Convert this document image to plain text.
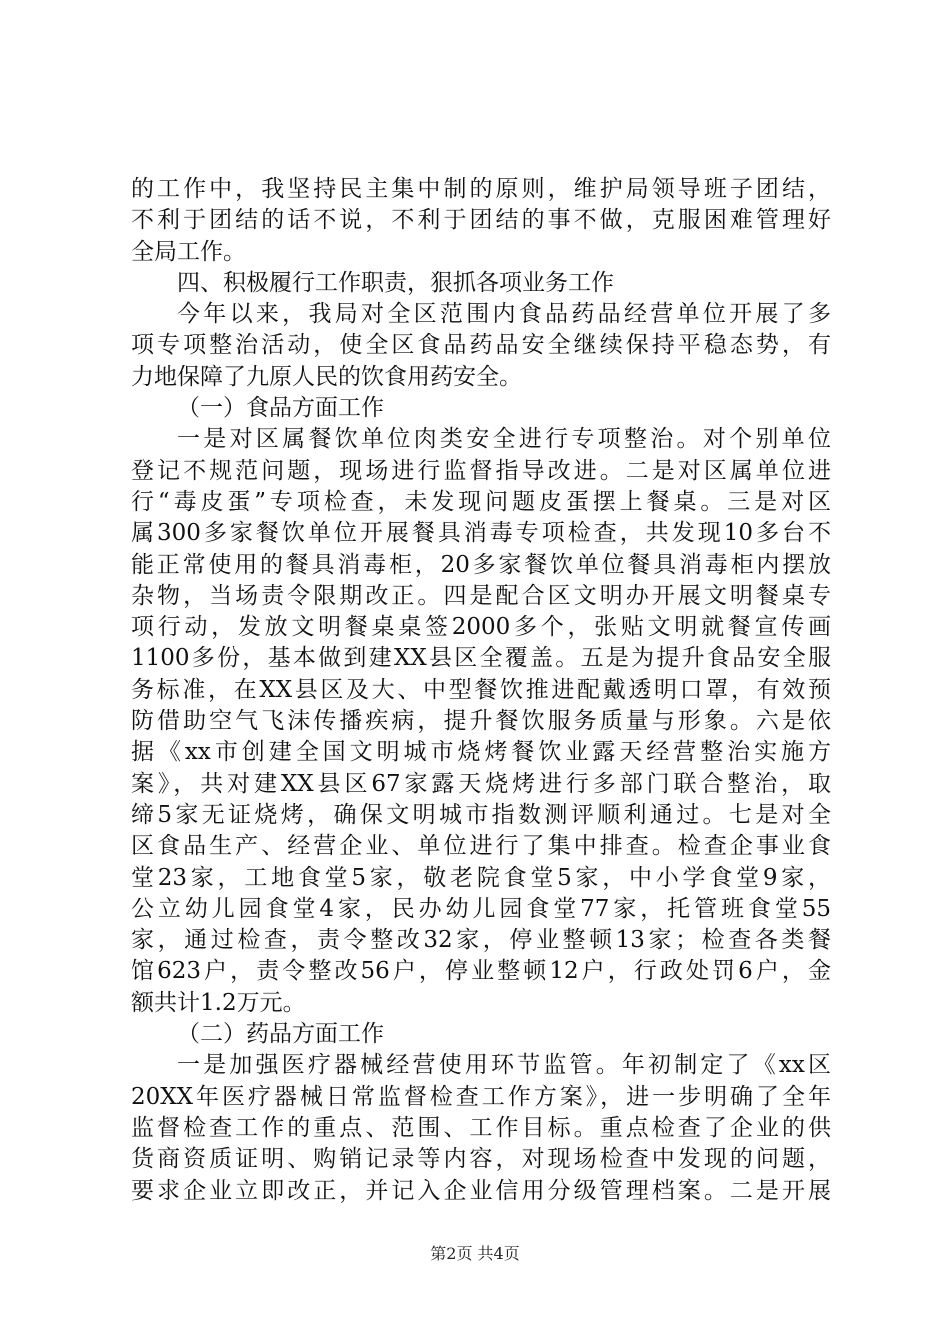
的工作中，我坚持民主集中制的原则，维护局领导班子团结，
不利于团结的话不说，不利于团结的事不做，克服困难管理好
全局工作。
四、积极履行工作职责，狠抓各项业务工作
今年以来，我局对全区范围内食品药品经营单位开展了多
项专项整治活动，使全区食品药品安全继续保持平稳态势，有
力地保障了九原人民的饮食用药安全。
（一）食品方面工作
一是对区属餐饮单位肉类安全进行专项整治。对个别单位
登记不规范问题，现场进行监督指导改进。二是对区属单位进
行“毒皮蛋”专项检查，未发现问题皮蛋摆上餐桌。三是对区
属300多家餐饮单位开展餐具消毒专项检查，共发现10多台不
能正常使用的餐具消毒柜，20多家餐饮单位餐具消毒柜内摆放
杂物，当场责令限期改正。四是配合区文明办开展文明餐桌专
项行动，发放文明餐桌桌签2000多个，张贴文明就餐宣传画
1100多份，基本做到建XX县区全覆盖。五是为提升食品安全服
务标准，在XX县区及大、中型餐饮推进配戴透明口罩，有效预
防借助空气飞沫传播疾病，提升餐饮服务质量与形象。六是依
据《xx市创建全国文明城市烧烤餐饮业露天经营整治实施方
案》，共对建XX县区67家露天烧烤进行多部门联合整治，取
缔5家无证烧烤，确保文明城市指数测评顺利通过。七是对全
区食品生产、经营企业、单位进行了集中排查。检查企事业食
堂23家，工地食堂5家，敬老院食堂5家，中小学食堂9家，
公立幼儿园食堂4家，民办幼儿园食堂77家，托管班食堂55
家，通过检查，责令整改32家，停业整顿13家；检查各类餐
馆623户，责令整改56户，停业整顿12户，行政处罚6户，金
额共计1.2万元。
（二）药品方面工作
一是加强医疗器械经营使用环节监管。年初制定了《xx区
20XX年医疗器械日常监督检查工作方案》，进一步明确了全年
监督检查工作的重点、范围、工作目标。重点检查了企业的供
货商资质证明、购销记录等内容，对现场检查中发现的问题，
要求企业立即改正，并记入企业信用分级管理档案。二是开展
第2页 共4页
